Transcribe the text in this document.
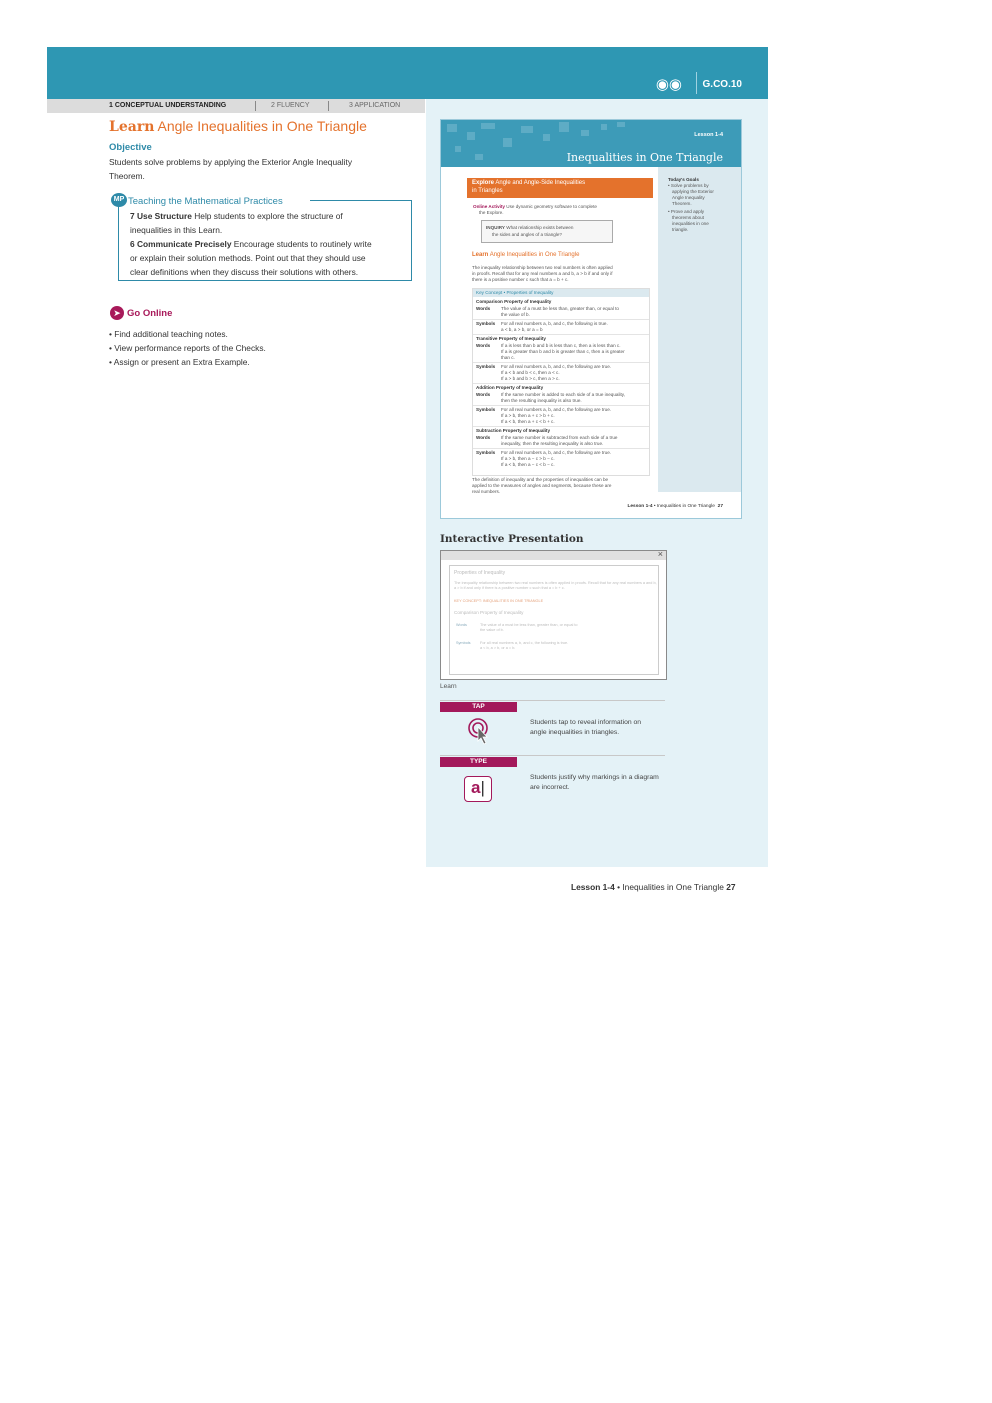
◉◉ G.CO.10
1 CONCEPTUAL UNDERSTANDING	2 FLUENCY	3 APPLICATION
Learn Angle Inequalities in One Triangle
Objective
Students solve problems by applying the Exterior Angle Inequality
Theorem.
MP Teaching the Mathematical Practices
7 Use Structure Help students to explore the structure of
inequalities in this Learn.
6 Communicate Precisely Encourage students to routinely write
or explain their solution methods. Point out that they should use
clear definitions when they discuss their solutions with others.
➤ Go Online
• Find additional teaching notes.
• View performance reports of the Checks.
• Assign or present an Extra Example.
Lesson 1-4
Inequalities in One Triangle
Today's Goals
• Solve problems by
applying the Exterior
Angle Inequality
Theorem.
• Prove and apply
theorems about
inequalities in one
triangle.
Explore Angle and Angle-Side Inequalities
in Triangles
Online Activity Use dynamic geometry software to complete
the Explore.
INQUIRY What relationship exists between
the sides and angles of a triangle?
Learn Angle Inequalities in One Triangle
The inequality relationship between two real numbers is often applied
in proofs. Recall that for any real numbers a and b, a > b if and only if
there is a positive number c such that a = b + c.
Key Concept • Properties of Inequality
Comparison Property of Inequality
Words The value of a must be less than, greater than, or equal to
the value of b.
Symbols For all real numbers a, b, and c, the following is true.
a < b, a > b, or a = b
Transitive Property of Inequality
Words If a is less than b and b is less than c, then a is less than c.
If a is greater than b and b is greater than c, then a is greater
than c.
Symbols For all real numbers a, b, and c, the following are true.
If a < b and b < c, then a < c.
If a > b and b > c, then a > c.
Addition Property of Inequality
Words If the same number is added to each side of a true inequality,
then the resulting inequality is also true.
Symbols For all real numbers a, b, and c, the following are true.
If a > b, then a + c > b + c.
If a < b, then a + c < b + c.
Subtraction Property of Inequality
Words If the same number is subtracted from each side of a true
inequality, then the resulting inequality is also true.
Symbols For all real numbers a, b, and c, the following are true.
If a > b, then a − c > b − c.
If a < b, then a − c < b − c.
The definition of inequality and the properties of inequalities can be
applied to the measures of angles and segments, because these are
real numbers.
Lesson 1-4 • Inequalities in One Triangle 27
Interactive Presentation
×
Properties of Inequality
The inequality relationship between two real numbers is often applied in proofs. Recall that for any real numbers a and b,
a > b if and only if there is a positive number c such that a = b + c.
KEY CONCEPT: INEQUALITIES IN ONE TRIANGLE
Comparison Property of Inequality
Words	The value of a must be less than, greater than, or equal to
the value of b.
Symbols For all real numbers a, b, and c, the following is true.
a < b, a > b, or a = b.
Learn
TAP
Students tap to reveal information on
angle inequalities in triangles.
TYPE
a|
Students justify why markings in a diagram
are incorrect.
Lesson 1-4 • Inequalities in One Triangle 27
